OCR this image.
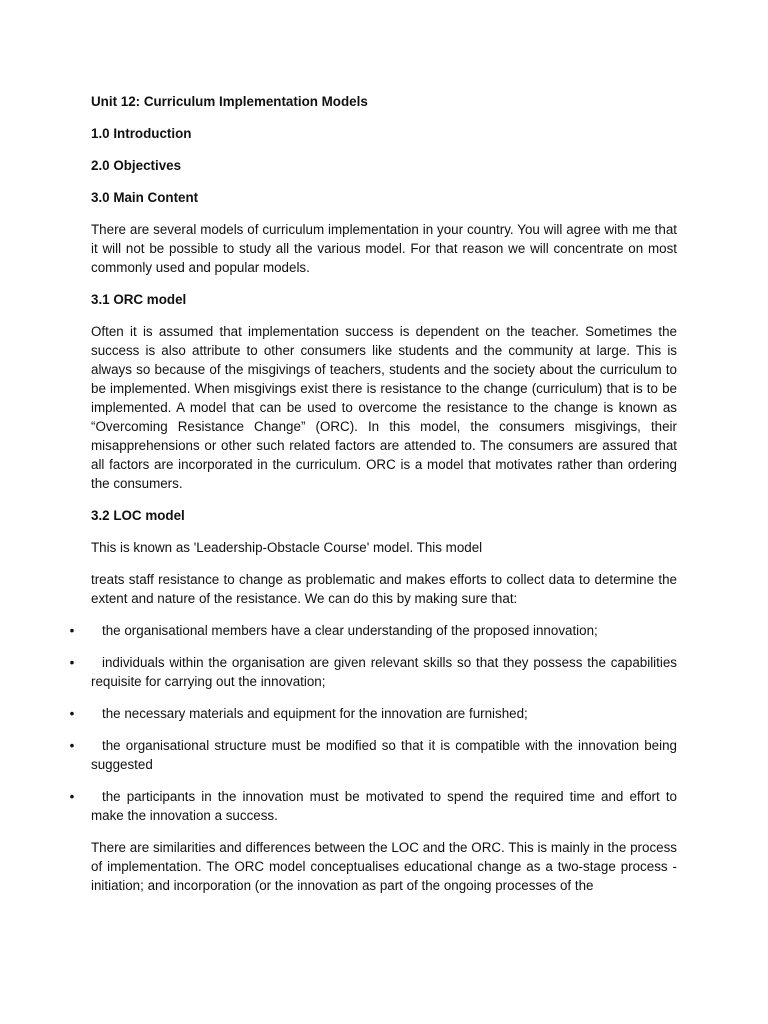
Unit 12: Curriculum Implementation Models
1.0 Introduction
2.0 Objectives
3.0 Main Content
There are several models of curriculum implementation in your country. You will agree with me that it will not be possible to study all the various model. For that reason we will concentrate on most commonly used and popular models.
3.1 ORC model
Often it is assumed that implementation success is dependent on the teacher. Sometimes the success is also attribute to other consumers like students and the community at large. This is always so because of the misgivings of teachers, students and the society about the curriculum to be implemented. When misgivings exist there is resistance to the change (curriculum) that is to be implemented. A model that can be used to overcome the resistance to the change is known as “Overcoming Resistance Change” (ORC). In this model, the consumers misgivings, their misapprehensions or other such related factors are attended to. The consumers are assured that all factors are incorporated in the curriculum. ORC is a model that motivates rather than ordering the consumers.
3.2 LOC model
This is known as 'Leadership-Obstacle Course' model. This model
treats staff resistance to change as problematic and makes efforts to collect data to determine the extent and nature of the resistance. We can do this by making sure that:
•	the organisational members have a clear understanding of the proposed innovation;
•	individuals within the organisation are given relevant skills so that they possess the capabilities requisite for carrying out the innovation;
•	the necessary materials and equipment for the innovation are furnished;
•	the organisational structure must be modified so that it is compatible with the innovation being suggested
•	the participants in the innovation must be motivated to spend the required time and effort to make the innovation a success.
There are similarities and differences between the LOC and the ORC. This is mainly in the process of implementation. The ORC model conceptualises educational change as a two-stage process - initiation; and incorporation (or the innovation as part of the ongoing processes of the
